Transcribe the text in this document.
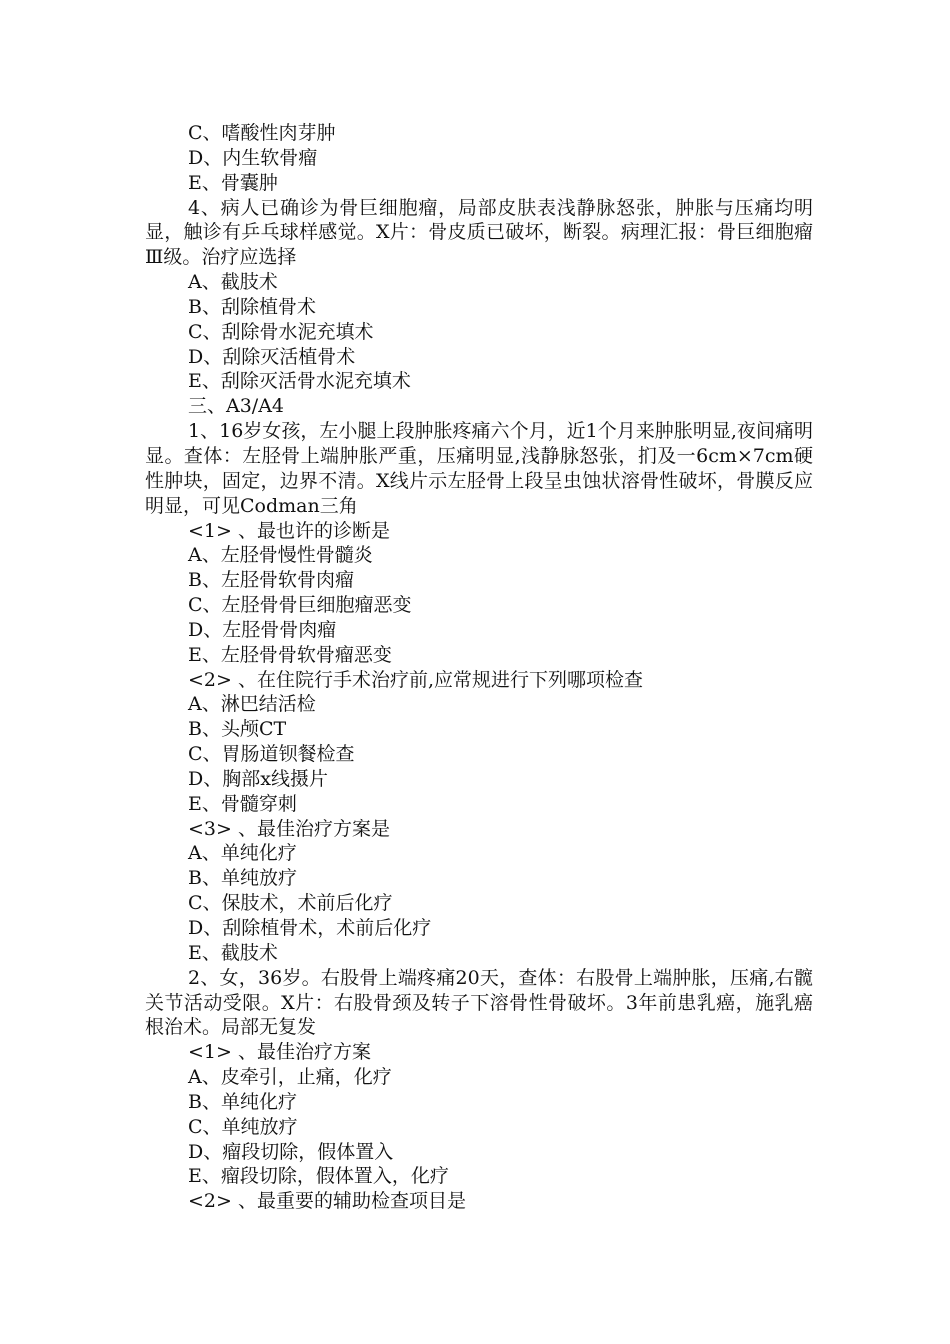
C、嗜酸性肉芽肿
D、内生软骨瘤
E、骨囊肿
4、病人已确诊为骨巨细胞瘤，局部皮肤表浅静脉怒张，肿胀与压痛均明显，触诊有乒乓球样感觉。X片：骨皮质已破坏，断裂。病理汇报：骨巨细胞瘤Ⅲ级。治疗应选择
A、截肢术
B、刮除植骨术
C、刮除骨水泥充填术
D、刮除灭活植骨术
E、刮除灭活骨水泥充填术
三、A3/A4
1、16岁女孩，左小腿上段肿胀疼痛六个月，近1个月来肿胀明显,夜间痛明显。查体：左胫骨上端肿胀严重，压痛明显,浅静脉怒张，扪及一6cm×7cm硬性肿块，固定，边界不清。X线片示左胫骨上段呈虫蚀状溶骨性破坏，骨膜反应明显，可见Codman三角
<1> 、最也许的诊断是
A、左胫骨慢性骨髓炎
B、左胫骨软骨肉瘤
C、左胫骨骨巨细胞瘤恶变
D、左胫骨骨肉瘤
E、左胫骨骨软骨瘤恶变
<2> 、在住院行手术治疗前,应常规进行下列哪项检查
A、淋巴结活检
B、头颅CT
C、胃肠道钡餐检查
D、胸部x线摄片
E、骨髓穿刺
<3> 、最佳治疗方案是
A、单纯化疗
B、单纯放疗
C、保肢术，术前后化疗
D、刮除植骨术，术前后化疗
E、截肢术
2、女，36岁。右股骨上端疼痛20天，查体：右股骨上端肿胀，压痛,右髋关节活动受限。X片：右股骨颈及转子下溶骨性骨破坏。3年前患乳癌，施乳癌根治术。局部无复发
<1> 、最佳治疗方案
A、皮牵引，止痛，化疗
B、单纯化疗
C、单纯放疗
D、瘤段切除，假体置入
E、瘤段切除，假体置入，化疗
<2> 、最重要的辅助检查项目是
